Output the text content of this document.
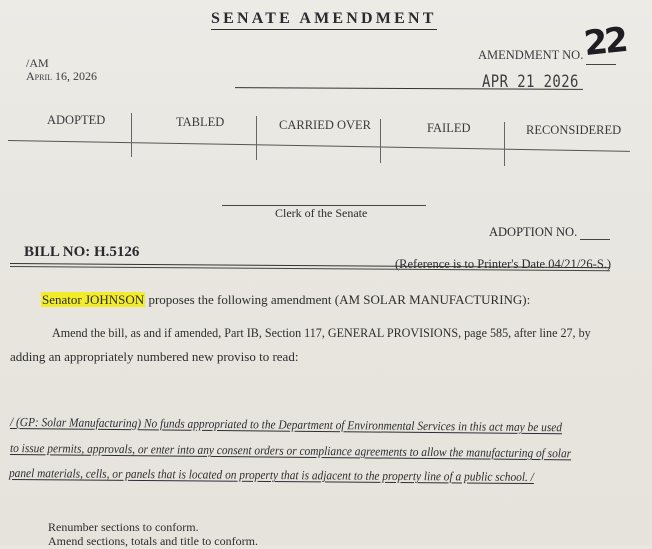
SENATE AMENDMENT
/AM
April 16, 2026
AMENDMENT NO.
22
APR 21 2026
ADOPTED	TABLED	CARRIED OVER	FAILED	RECONSIDERED
Clerk of the Senate
ADOPTION NO.
BILL NO: H.5126
(Reference is to Printer's Date 04/21/26-S.)
Senator JOHNSON proposes the following amendment (AM SOLAR MANUFACTURING):
Amend the bill, as and if amended, Part IB, Section 117, GENERAL PROVISIONS, page 585, after line 27, by
adding an appropriately numbered new proviso to read:
/ (GP: Solar Manufacturing) No funds appropriated to the Department of Environmental Services in this act may be used
to issue permits, approvals, or enter into any consent orders or compliance agreements to allow the manufacturing of solar
panel materials, cells, or panels that is located on property that is adjacent to the property line of a public school. /
Renumber sections to conform.
Amend sections, totals and title to conform.
